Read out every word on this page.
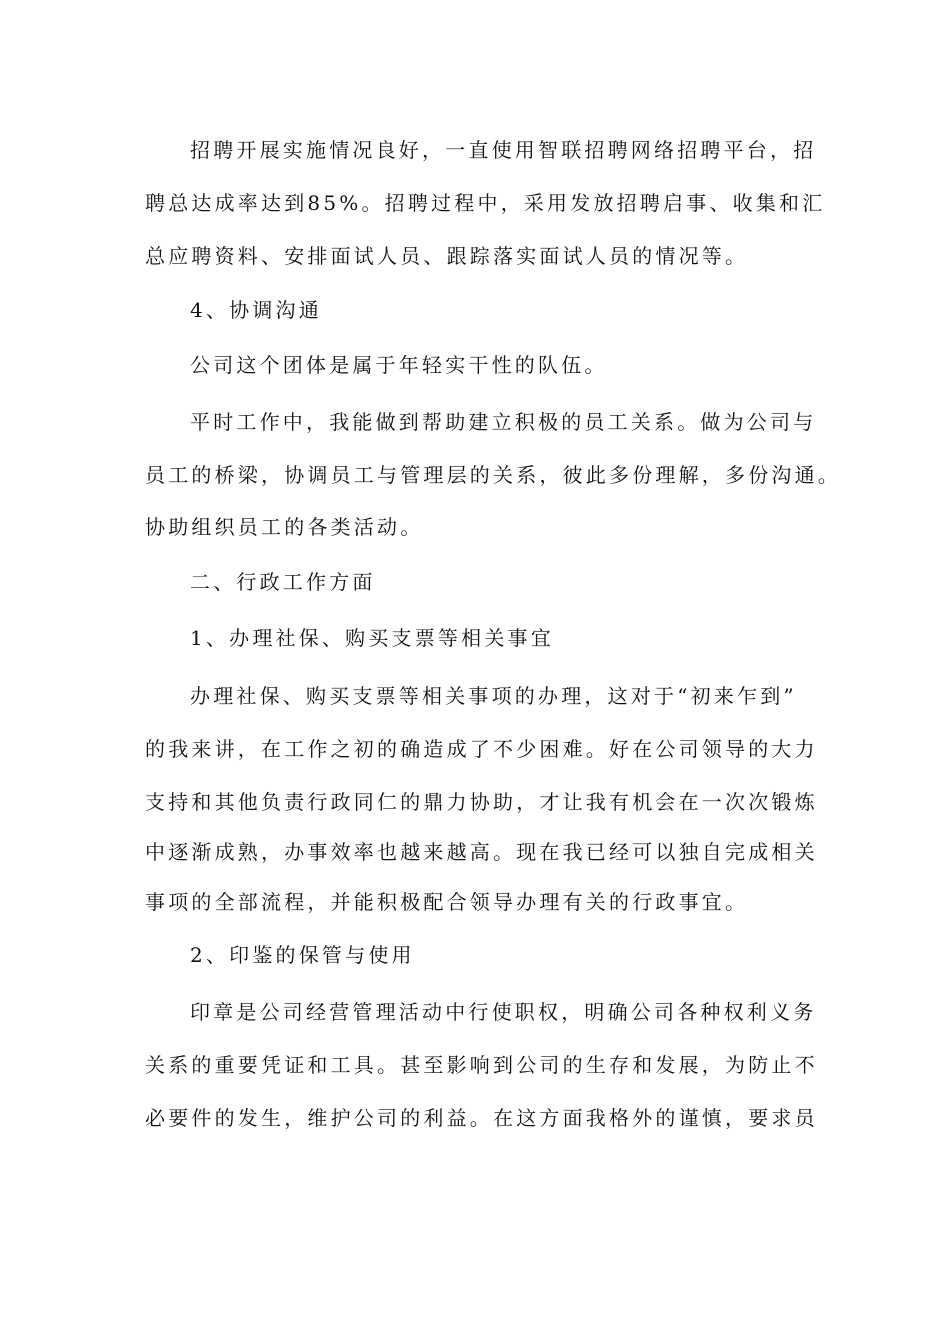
招聘开展实施情况良好，一直使用智联招聘网络招聘平台，招

聘总达成率达到85%。招聘过程中，采用发放招聘启事、收集和汇

总应聘资料、安排面试人员、跟踪落实面试人员的情况等。

4、协调沟通

公司这个团体是属于年轻实干性的队伍。

平时工作中，我能做到帮助建立积极的员工关系。做为公司与

员工的桥梁，协调员工与管理层的关系，彼此多份理解，多份沟通。

协助组织员工的各类活动。

二、行政工作方面

1、办理社保、购买支票等相关事宜

办理社保、购买支票等相关事项的办理，这对于“初来乍到”

的我来讲，在工作之初的确造成了不少困难。好在公司领导的大力

支持和其他负责行政同仁的鼎力协助，才让我有机会在一次次锻炼

中逐渐成熟，办事效率也越来越高。现在我已经可以独自完成相关

事项的全部流程，并能积极配合领导办理有关的行政事宜。

2、印鉴的保管与使用

印章是公司经营管理活动中行使职权，明确公司各种权利义务

关系的重要凭证和工具。甚至影响到公司的生存和发展，为防止不

必要件的发生，维护公司的利益。在这方面我格外的谨慎，要求员
